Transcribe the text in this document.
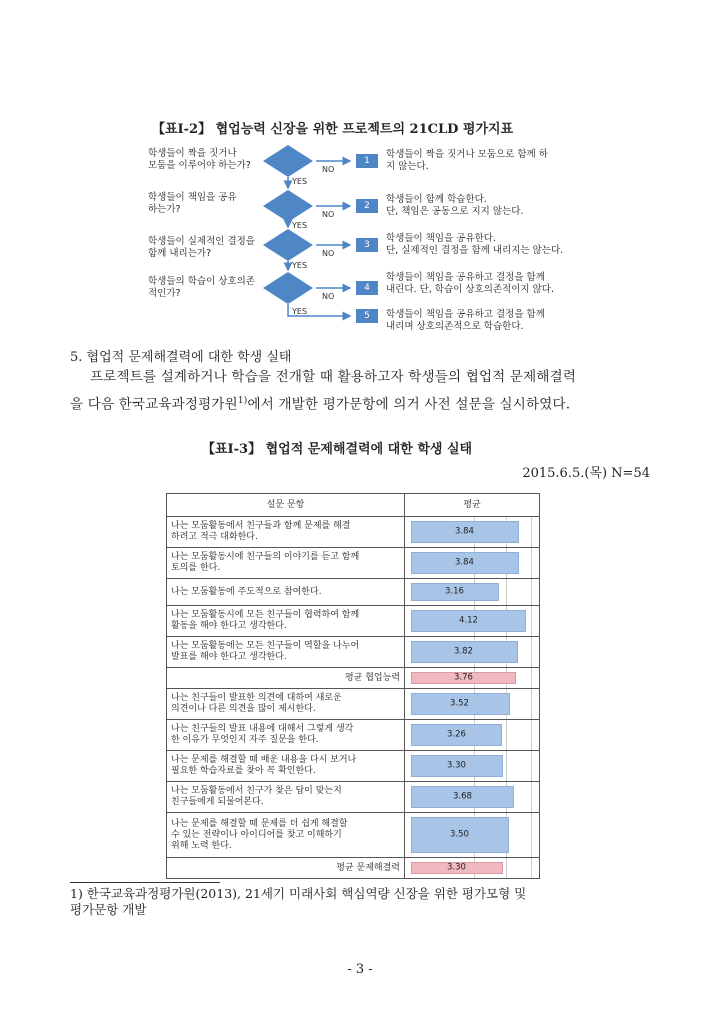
【표Ⅰ-2】 협업능력 신장을 위한 프로젝트의 21CLD 평가지표
학생들이 짝을 짓거나
모둠을 이루어야 하는가?
학생들이 책임을 공유
하는가?
학생들이 실제적인 결정을
함께 내리는가?
학생들의 학습이 상호의존
적인가?
YES
YES
YES
YES
NO
NO
NO
NO
1
2
3
4
5
학생들이 짝을 짓거나 모둠으로 함께 하
지 않는다.
학생들이 함께 학습한다.
단, 책임은 공동으로 지지 않는다.
학생들이 책임을 공유한다.
단, 실제적인 결정을 함께 내리지는 않는다.
학생들이 책임을 공유하고 결정을 함께
내린다. 단, 학습이 상호의존적이지 않다.
학생들이 책임을 공유하고 결정을 함께
내리며 상호의존적으로 학습한다.
5. 협업적 문제해결력에 대한 학생 실태
프로젝트를 설계하거나 학습을 전개할 때 활용하고자 학생들의 협업적 문제해결력
을 다음 한국교육과정평가원$^{1)}$에서 개발한 평가문항에 의거 사전 설문을 실시하였다.
【표Ⅰ-3】 협업적 문제해결력에 대한 학생 실태
2015.6.5.(목) N=54
설문 문항	평균
나는 모둠활동에서 친구들과 함께 문제를 해결
하려고 적극 대화한다.	3.84

나는 모둠활동시에 친구들의 이야기를 듣고 함께
토의를 한다.	3.84

나는 모둠활동에 주도적으로 참여한다.	3.16

나는 모둠활동시에 모든 친구들이 협력하여 함께
활동을 해야 한다고 생각한다.	4.12

나는 모둠활동에는 모든 친구들이 역할을 나누어
발표를 해야 한다고 생각한다.	3.82

평균 협업능력	3.76

나는 친구들이 발표한 의견에 대하여 새로운
의견이나 다른 의견을 많이 제시한다.	3.52

나는 친구들의 발표 내용에 대해서 그렇게 생각
한 이유가 무엇인지 자주 질문을 한다.	3.26

나는 문제를 해결할 때 배운 내용을 다시 보거나
필요한 학습자료를 찾아 꼭 확인한다.	3.30

나는 모둠활동에서 친구가 찾은 답이 맞는지
친구들에게 되물어본다.	3.68

나는 문제를 해결할 때 문제를 더 쉽게 해결할
수 있는 전략이나 아이디어를 찾고 이해하기
위해 노력 한다.	3.50

평균 문제해결력	3.30
1) 한국교육과정평가원(2013), 21세기 미래사회 핵심역량 신장을 위한 평가모형 및
평가문항 개발
- 3 -
